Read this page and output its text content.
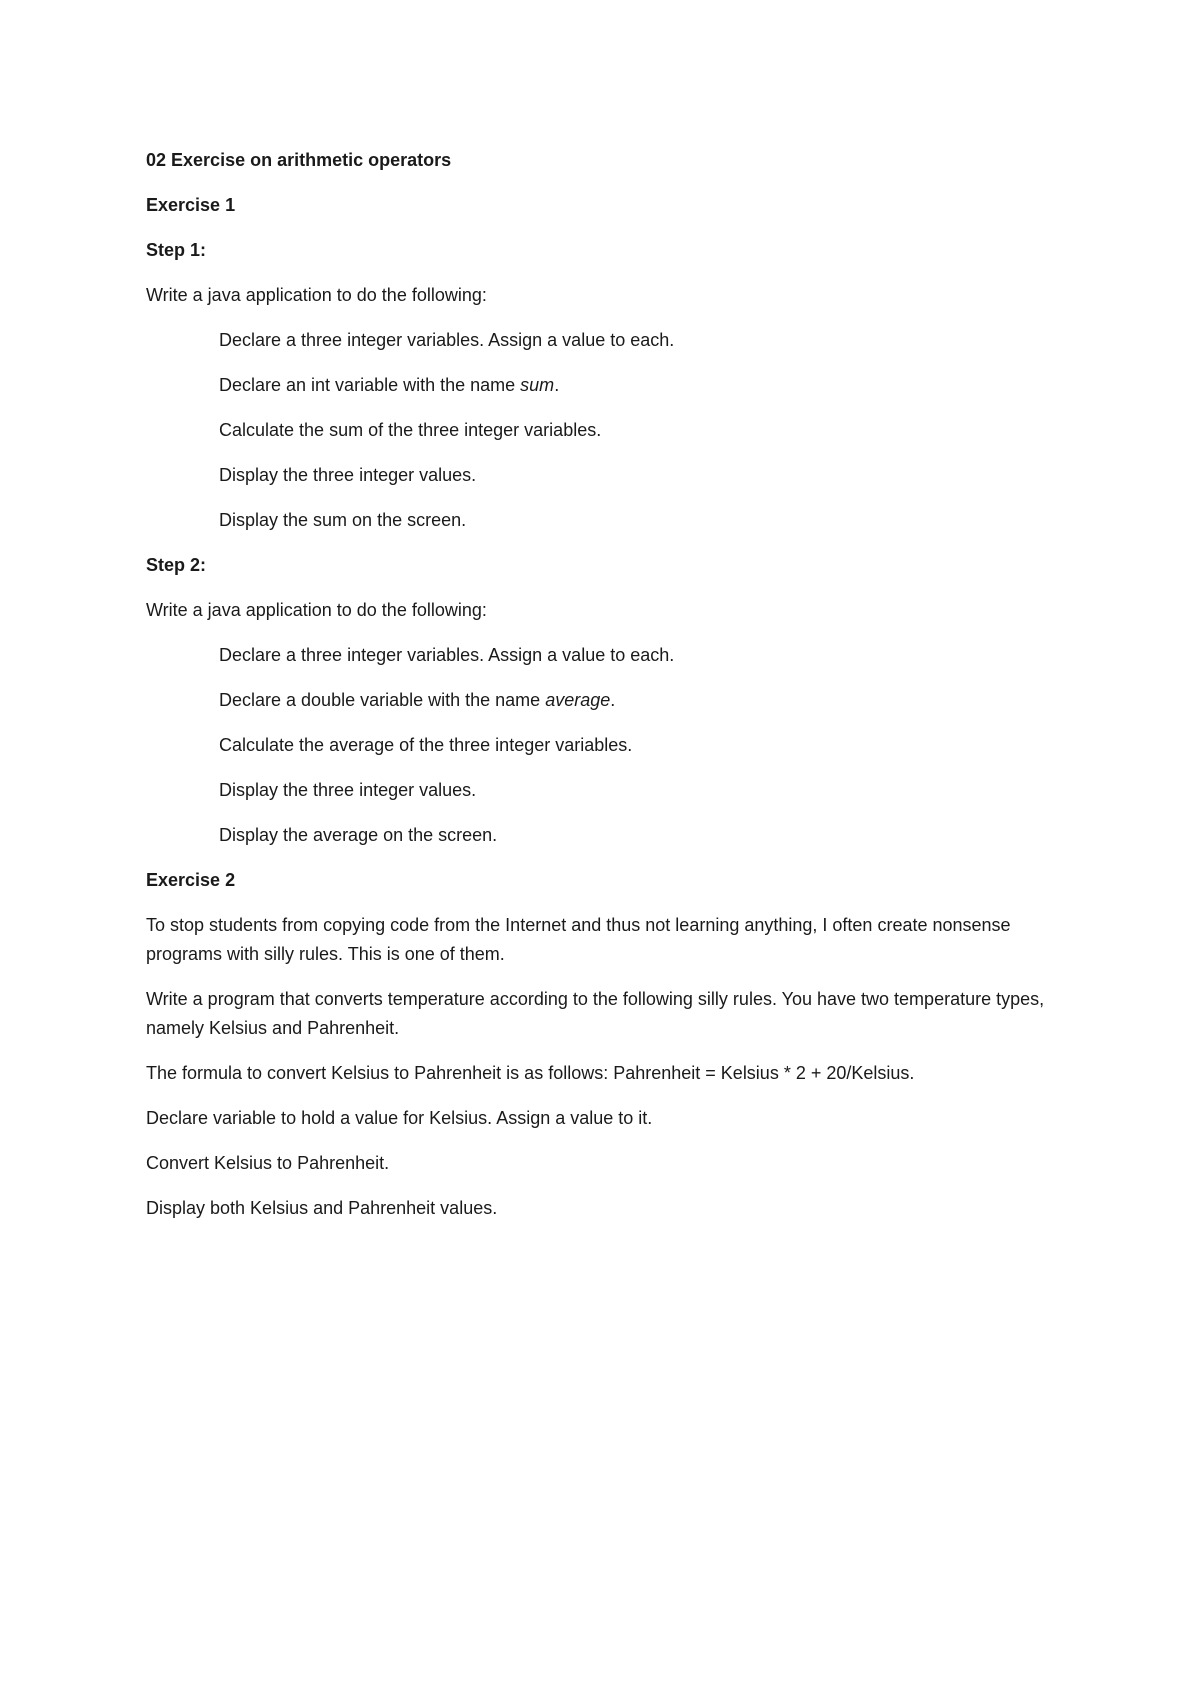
02 Exercise on arithmetic operators

Exercise 1

Step 1:

Write a java application to do the following:

Declare a three integer variables. Assign a value to each.

Declare an int variable with the name sum.

Calculate the sum of the three integer variables.

Display the three integer values.

Display the sum on the screen.

Step 2:

Write a java application to do the following:

Declare a three integer variables. Assign a value to each.

Declare a double variable with the name average.

Calculate the average of the three integer variables.

Display the three integer values.

Display the average on the screen.

Exercise 2

To stop students from copying code from the Internet and thus not learning anything, I often create nonsense programs with silly rules. This is one of them.

Write a program that converts temperature according to the following silly rules. You have two temperature types, namely Kelsius and Pahrenheit.

The formula to convert Kelsius to Pahrenheit is as follows: Pahrenheit = Kelsius * 2 + 20/Kelsius.

Declare variable to hold a value for Kelsius. Assign a value to it.

Convert Kelsius to Pahrenheit.

Display both Kelsius and Pahrenheit values.
